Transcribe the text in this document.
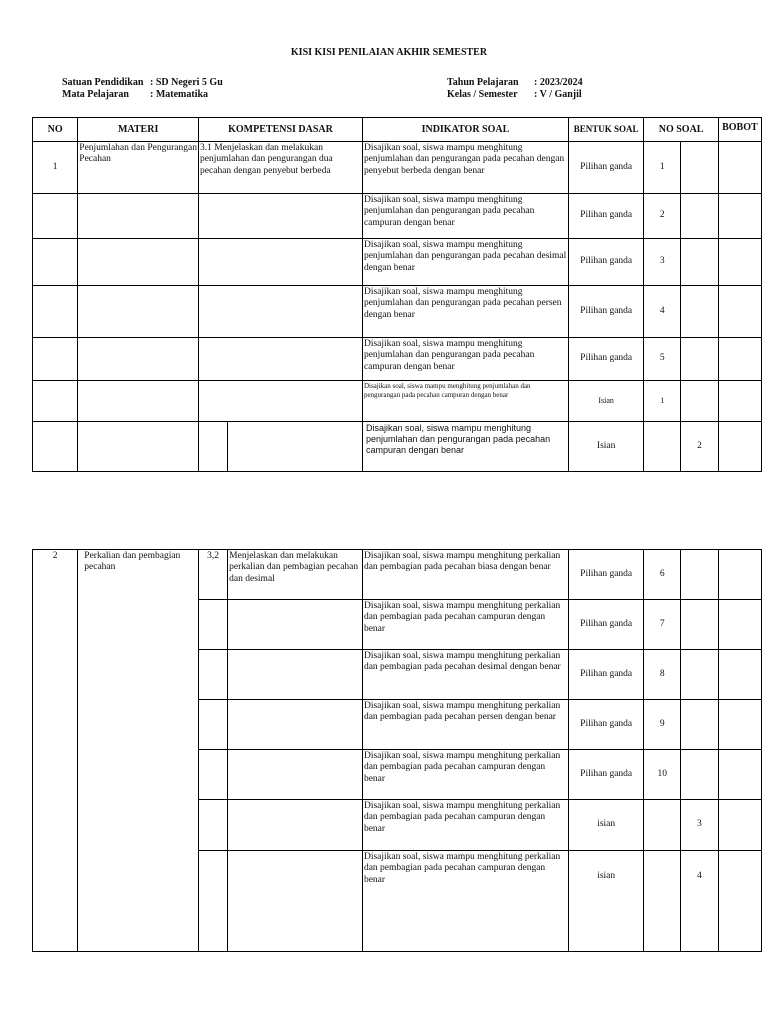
KISI KISI PENILAIAN AKHIR SEMESTER
Satuan Pendidikan : SD Negeri 5 Gu
Mata Pelajaran : Matematika
Tahun Pelajaran : 2023/2024
Kelas / Semester : V / Ganjil
NO	MATERI	KOMPETENSI DASAR		INDIKATOR SOAL	BENTUK SOAL	NO SOAL		BOBOT
1	Penjumlahan dan Pengurangan Pecahan	3.1 Menjelaskan dan melakukan penjumlahan dan pengurangan dua pecahan dengan penyebut berbeda		Disajikan soal, siswa mampu menghitung penjumlahan dan pengurangan pada pecahan dengan penyebut berbeda dengan benar	Pilihan ganda	1		
				Disajikan soal, siswa mampu menghitung penjumlahan dan pengurangan pada pecahan campuran dengan benar	Pilihan ganda	2		
				Disajikan soal, siswa mampu menghitung penjumlahan dan pengurangan pada pecahan desimal dengan benar	Pilihan ganda	3		
				Disajikan soal, siswa mampu menghitung penjumlahan dan pengurangan pada pecahan persen dengan benar	Pilihan ganda	4		
				Disajikan soal, siswa mampu menghitung penjumlahan dan pengurangan pada pecahan campuran dengan benar	Pilihan ganda	5		
				Disajikan soal, siswa mampu menghitung penjumlahan dan pengurangan pada pecahan campuran dengan benar	Isian	1		
				Disajikan soal, siswa mampu menghitung penjumlahan dan pengurangan pada pecahan campuran dengan benar	Isian		2	
2	Perkalian dan pembagian pecahan	3,2	Menjelaskan dan melakukan perkalian dan pembagian pecahan dan desimal	Disajikan soal, siswa mampu menghitung perkalian dan pembagian pada pecahan biasa dengan benar	Pilihan ganda	6		
				Disajikan soal, siswa mampu menghitung perkalian dan pembagian pada pecahan campuran dengan benar	Pilihan ganda	7		
				Disajikan soal, siswa mampu menghitung perkalian dan pembagian pada pecahan desimal dengan benar	Pilihan ganda	8		
				Disajikan soal, siswa mampu menghitung perkalian dan pembagian pada pecahan persen dengan benar	Pilihan ganda	9		
				Disajikan soal, siswa mampu menghitung perkalian dan pembagian pada pecahan campuran dengan benar	Pilihan ganda	10		
				Disajikan soal, siswa mampu menghitung perkalian dan pembagian pada pecahan campuran dengan benar	isian		3	
				Disajikan soal, siswa mampu menghitung perkalian dan pembagian pada pecahan campuran dengan benar	isian		4	
